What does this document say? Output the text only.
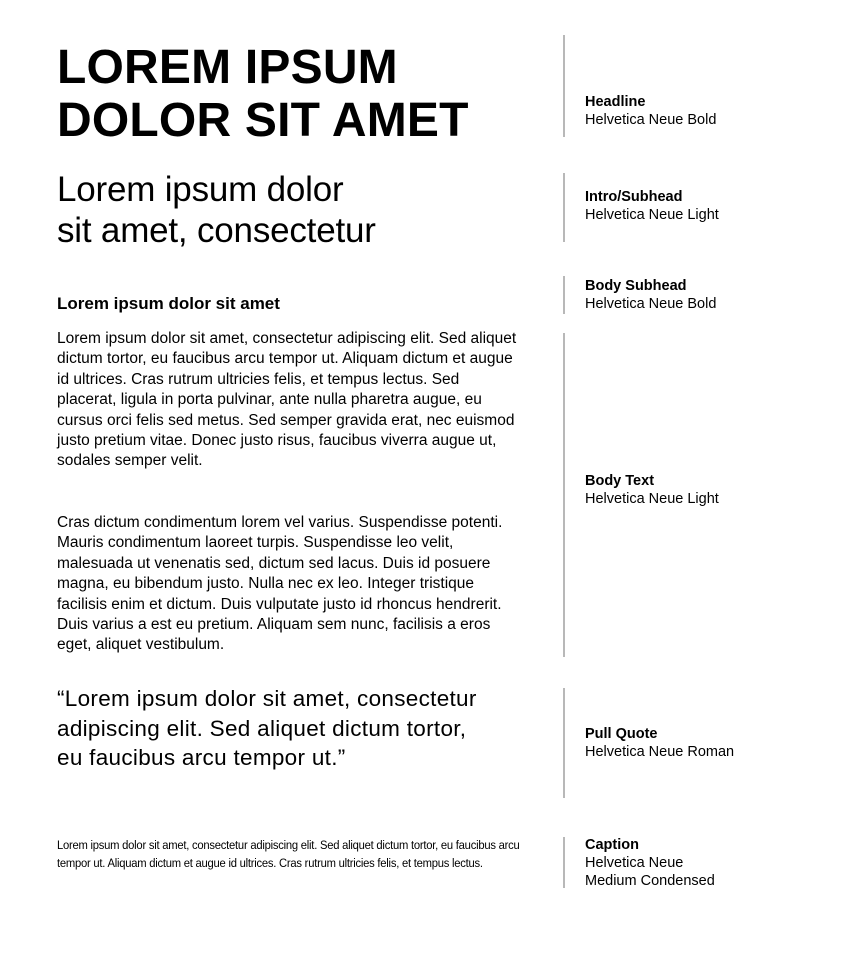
LOREM IPSUM
DOLOR SIT AMET	Headline
Helvetica Neue Bold
Lorem ipsum dolor
sit amet, consectetur
Intro/Subhead
Helvetica Neue Light
Lorem ipsum dolor sit amet
Body Subhead
Helvetica Neue Bold

Lorem ipsum dolor sit amet, consectetur adipiscing elit. Sed aliquet dictum tortor, eu faucibus arcu tempor ut. Aliquam dictum et augue id ultrices. Cras rutrum ultricies felis, et tempus lectus. Sed placerat, ligula in porta pulvinar, ante nulla pharetra augue, eu cursus orci felis sed metus. Sed semper gravida erat, nec euismod justo pretium vitae. Donec justo risus, faucibus viverra augue ut, sodales semper velit.

Cras dictum condimentum lorem vel varius. Suspendisse potenti. Mauris condimentum laoreet turpis. Suspendisse leo velit, malesuada ut venenatis sed, dictum sed lacus. Duis id posuere magna, eu bibendum justo. Nulla nec ex leo. Integer tristique facilisis enim et dictum. Duis vulputate justo id rhoncus hendrerit. Duis varius a est eu pretium. Aliquam sem nunc, facilisis a eros eget, aliquet vestibulum.

Body Text
Helvetica Neue Light
“Lorem ipsum dolor sit amet, consectetur adipiscing elit. Sed aliquet dictum tortor, eu faucibus arcu tempor ut.”
Pull Quote
Helvetica Neue Roman

Lorem ipsum dolor sit amet, consectetur adipiscing elit. Sed aliquet dictum tortor, eu faucibus arcu tempor ut. Aliquam dictum et augue id ultrices. Cras rutrum ultricies felis, et tempus lectus.

Caption
Helvetica Neue
Medium Condensed
